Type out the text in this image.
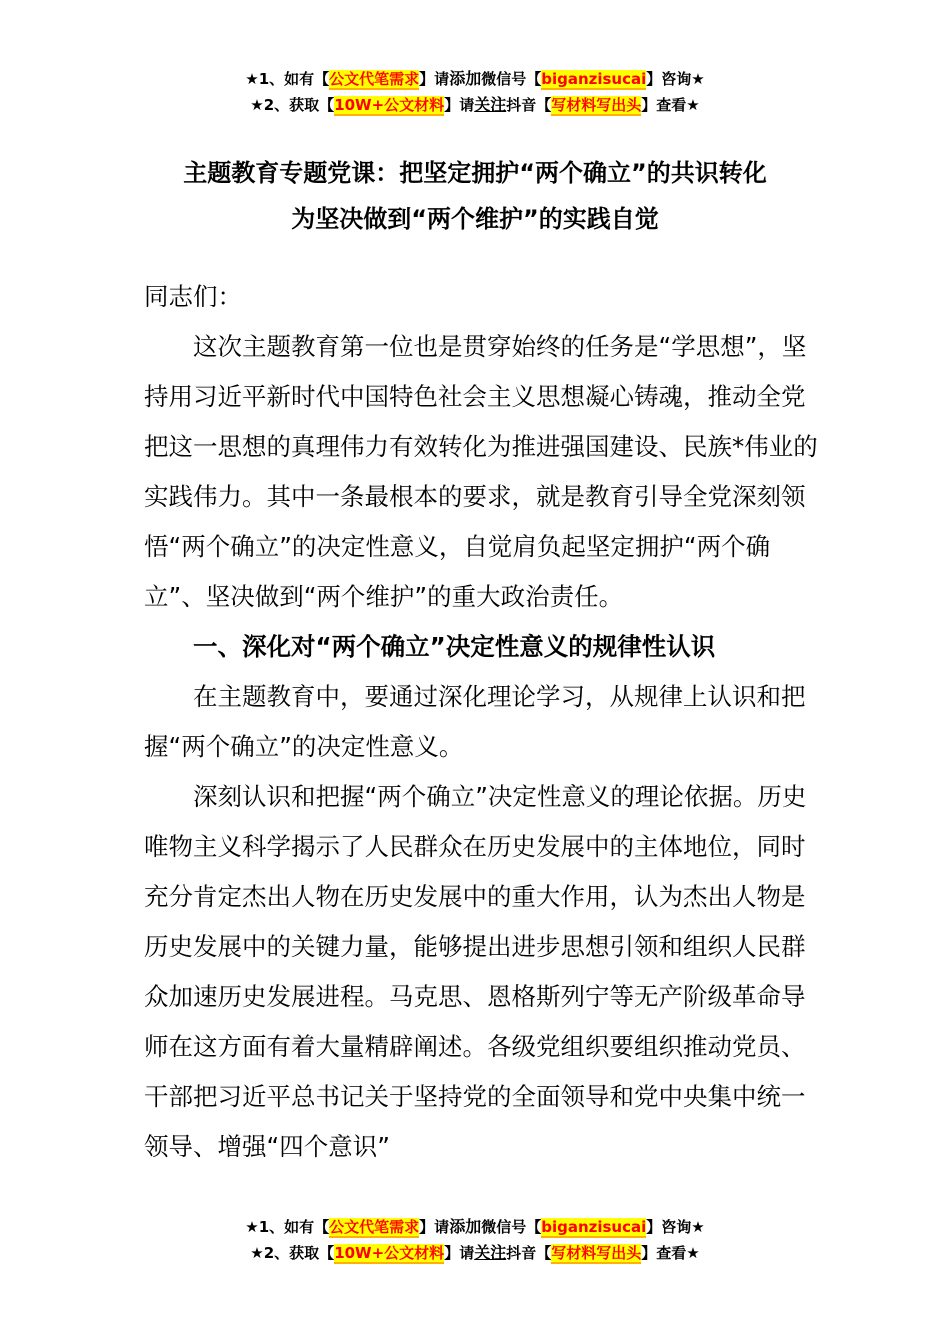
★1、如有【公文代笔需求】请添加微信号【biganzisucai】咨询★
★2、获取【10W+公文材料】请关注抖音【写材料写出头】查看★
主题教育专题党课：把坚定拥护“两个确立”的共识转化
为坚决做到“两个维护”的实践自觉

同志们：

这次主题教育第一位也是贯穿始终的任务是“学思想”，坚持用习近平新时代中国特色社会主义思想凝心铸魂，推动全党把这一思想的真理伟力有效转化为推进强国建设、民族*伟业的实践伟力。其中一条最根本的要求，就是教育引导全党深刻领悟“两个确立”的决定性意义，自觉肩负起坚定拥护“两个确立”、坚决做到“两个维护”的重大政治责任。

一、深化对“两个确立”决定性意义的规律性认识

在主题教育中，要通过深化理论学习，从规律上认识和把握“两个确立”的决定性意义。

深刻认识和把握“两个确立”决定性意义的理论依据。历史唯物主义科学揭示了人民群众在历史发展中的主体地位，同时充分肯定杰出人物在历史发展中的重大作用，认为杰出人物是历史发展中的关键力量，能够提出进步思想引领和组织人民群众加速历史发展进程。马克思、恩格斯列宁等无产阶级革命导师在这方面有着大量精辟阐述。各级党组织要组织推动党员、干部把习近平总书记关于坚持党的全面领导和党中央集中统一领导、增强“四个意识”

★1、如有【公文代笔需求】请添加微信号【biganzisucai】咨询★
★2、获取【10W+公文材料】请关注抖音【写材料写出头】查看★
